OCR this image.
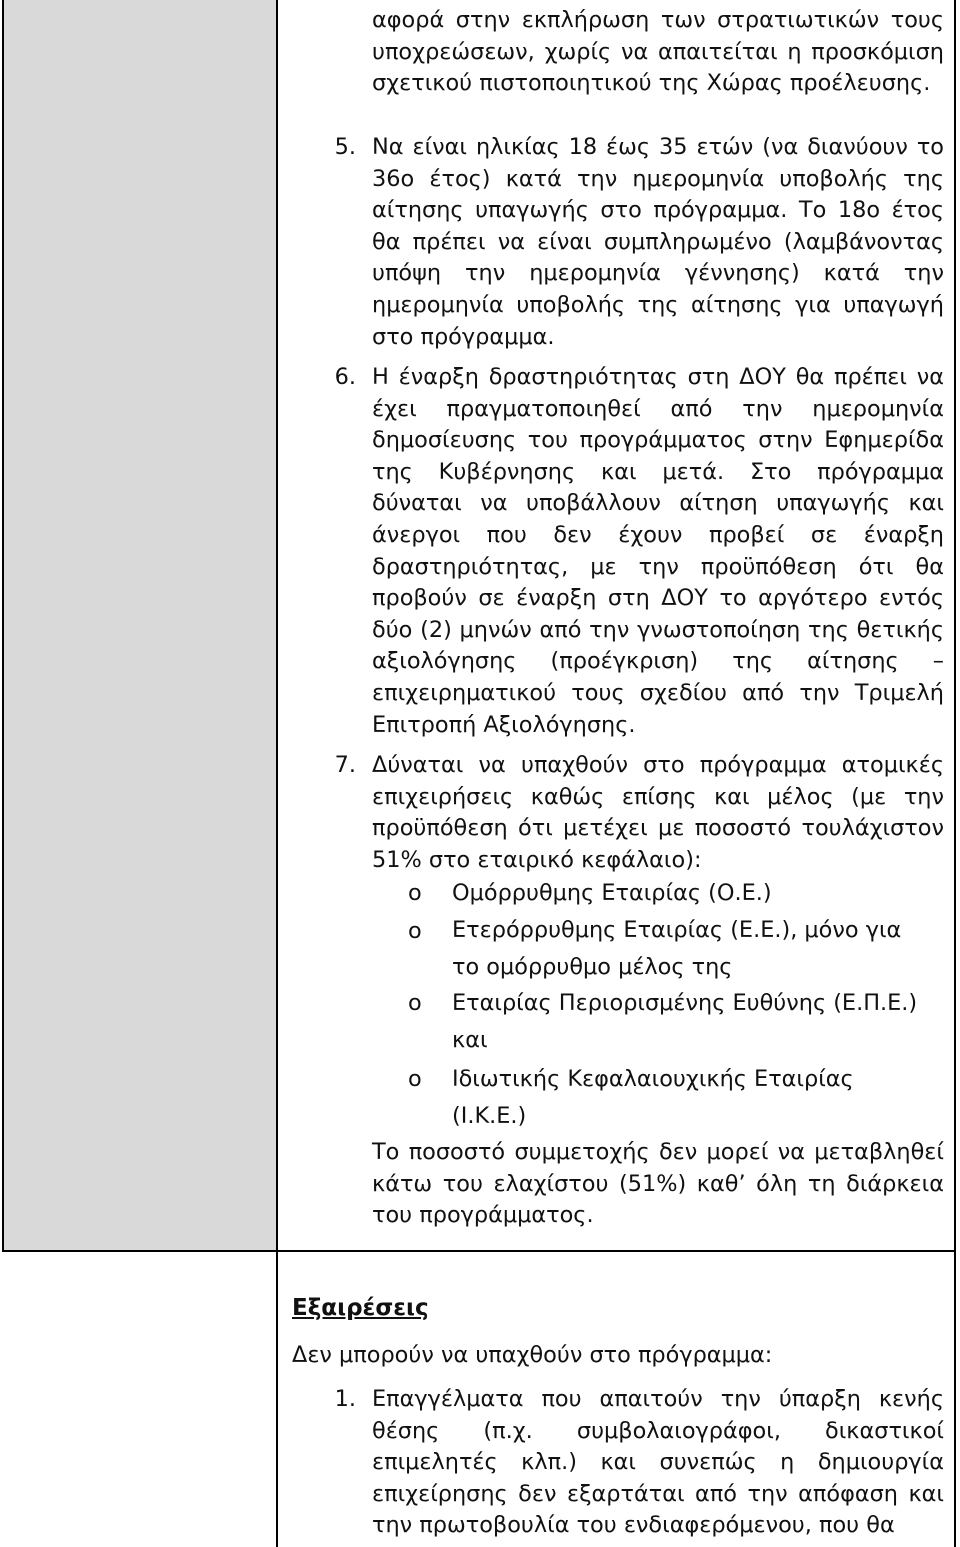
αφορά στην εκπλήρωση των στρατιωτικών τους υποχρεώσεων, χωρίς να απαιτείται η προσκόμιση σχετικού πιστοποιητικού της Χώρας προέλευσης.

5. Να είναι ηλικίας 18 έως 35 ετών (να διανύουν το 36ο έτος) κατά την ημερομηνία υποβολής της αίτησης υπαγωγής στο πρόγραμμα. Το 18ο έτος θα πρέπει να είναι συμπληρωμένο (λαμβάνοντας υπόψη την ημερομηνία γέννησης) κατά την ημερομηνία υποβολής της αίτησης για υπαγωγή στο πρόγραμμα.

6. Η έναρξη δραστηριότητας στη ΔΟΥ θα πρέπει να έχει πραγματοποιηθεί από την ημερομηνία δημοσίευσης του προγράμματος στην Εφημερίδα της Κυβέρνησης και μετά. Στο πρόγραμμα δύναται να υποβάλλουν αίτηση υπαγωγής και άνεργοι που δεν έχουν προβεί σε έναρξη δραστηριότητας, με την προϋπόθεση ότι θα προβούν σε έναρξη στη ΔΟΥ το αργότερο εντός δύο (2) μηνών από την γνωστοποίηση της θετικής αξιολόγησης (προέγκριση) της αίτησης – επιχειρηματικού τους σχεδίου από την Τριμελή Επιτροπή Αξιολόγησης.

7. Δύναται να υπαχθούν στο πρόγραμμα ατομικές επιχειρήσεις καθώς επίσης και μέλος (με την προϋπόθεση ότι μετέχει με ποσοστό τουλάχιστον 51% στο εταιρικό κεφάλαιο):

o Ομόρρυθμης Εταιρίας (Ο.Ε.)

o Ετερόρρυθμης Εταιρίας (Ε.Ε.), μόνο για το ομόρρυθμο μέλος της

o Εταιρίας Περιορισμένης Ευθύνης (Ε.Π.Ε.) και

o Ιδιωτικής Κεφαλαιουχικής Εταιρίας (Ι.Κ.Ε.)

Το ποσοστό συμμετοχής δεν μορεί να μεταβληθεί κάτω του ελαχίστου (51%) καθ’ όλη τη διάρκεια του προγράμματος.

Εξαιρέσεις
Δεν μπορούν να υπαχθούν στο πρόγραμμα:
1. Επαγγέλματα που απαιτούν την ύπαρξη κενής θέσης (π.χ. συμβολαιογράφοι, δικαστικοί επιμελητές κλπ.) και συνεπώς η δημιουργία επιχείρησης δεν εξαρτάται από την απόφαση και την πρωτοβουλία του ενδιαφερόμενου, που θα
